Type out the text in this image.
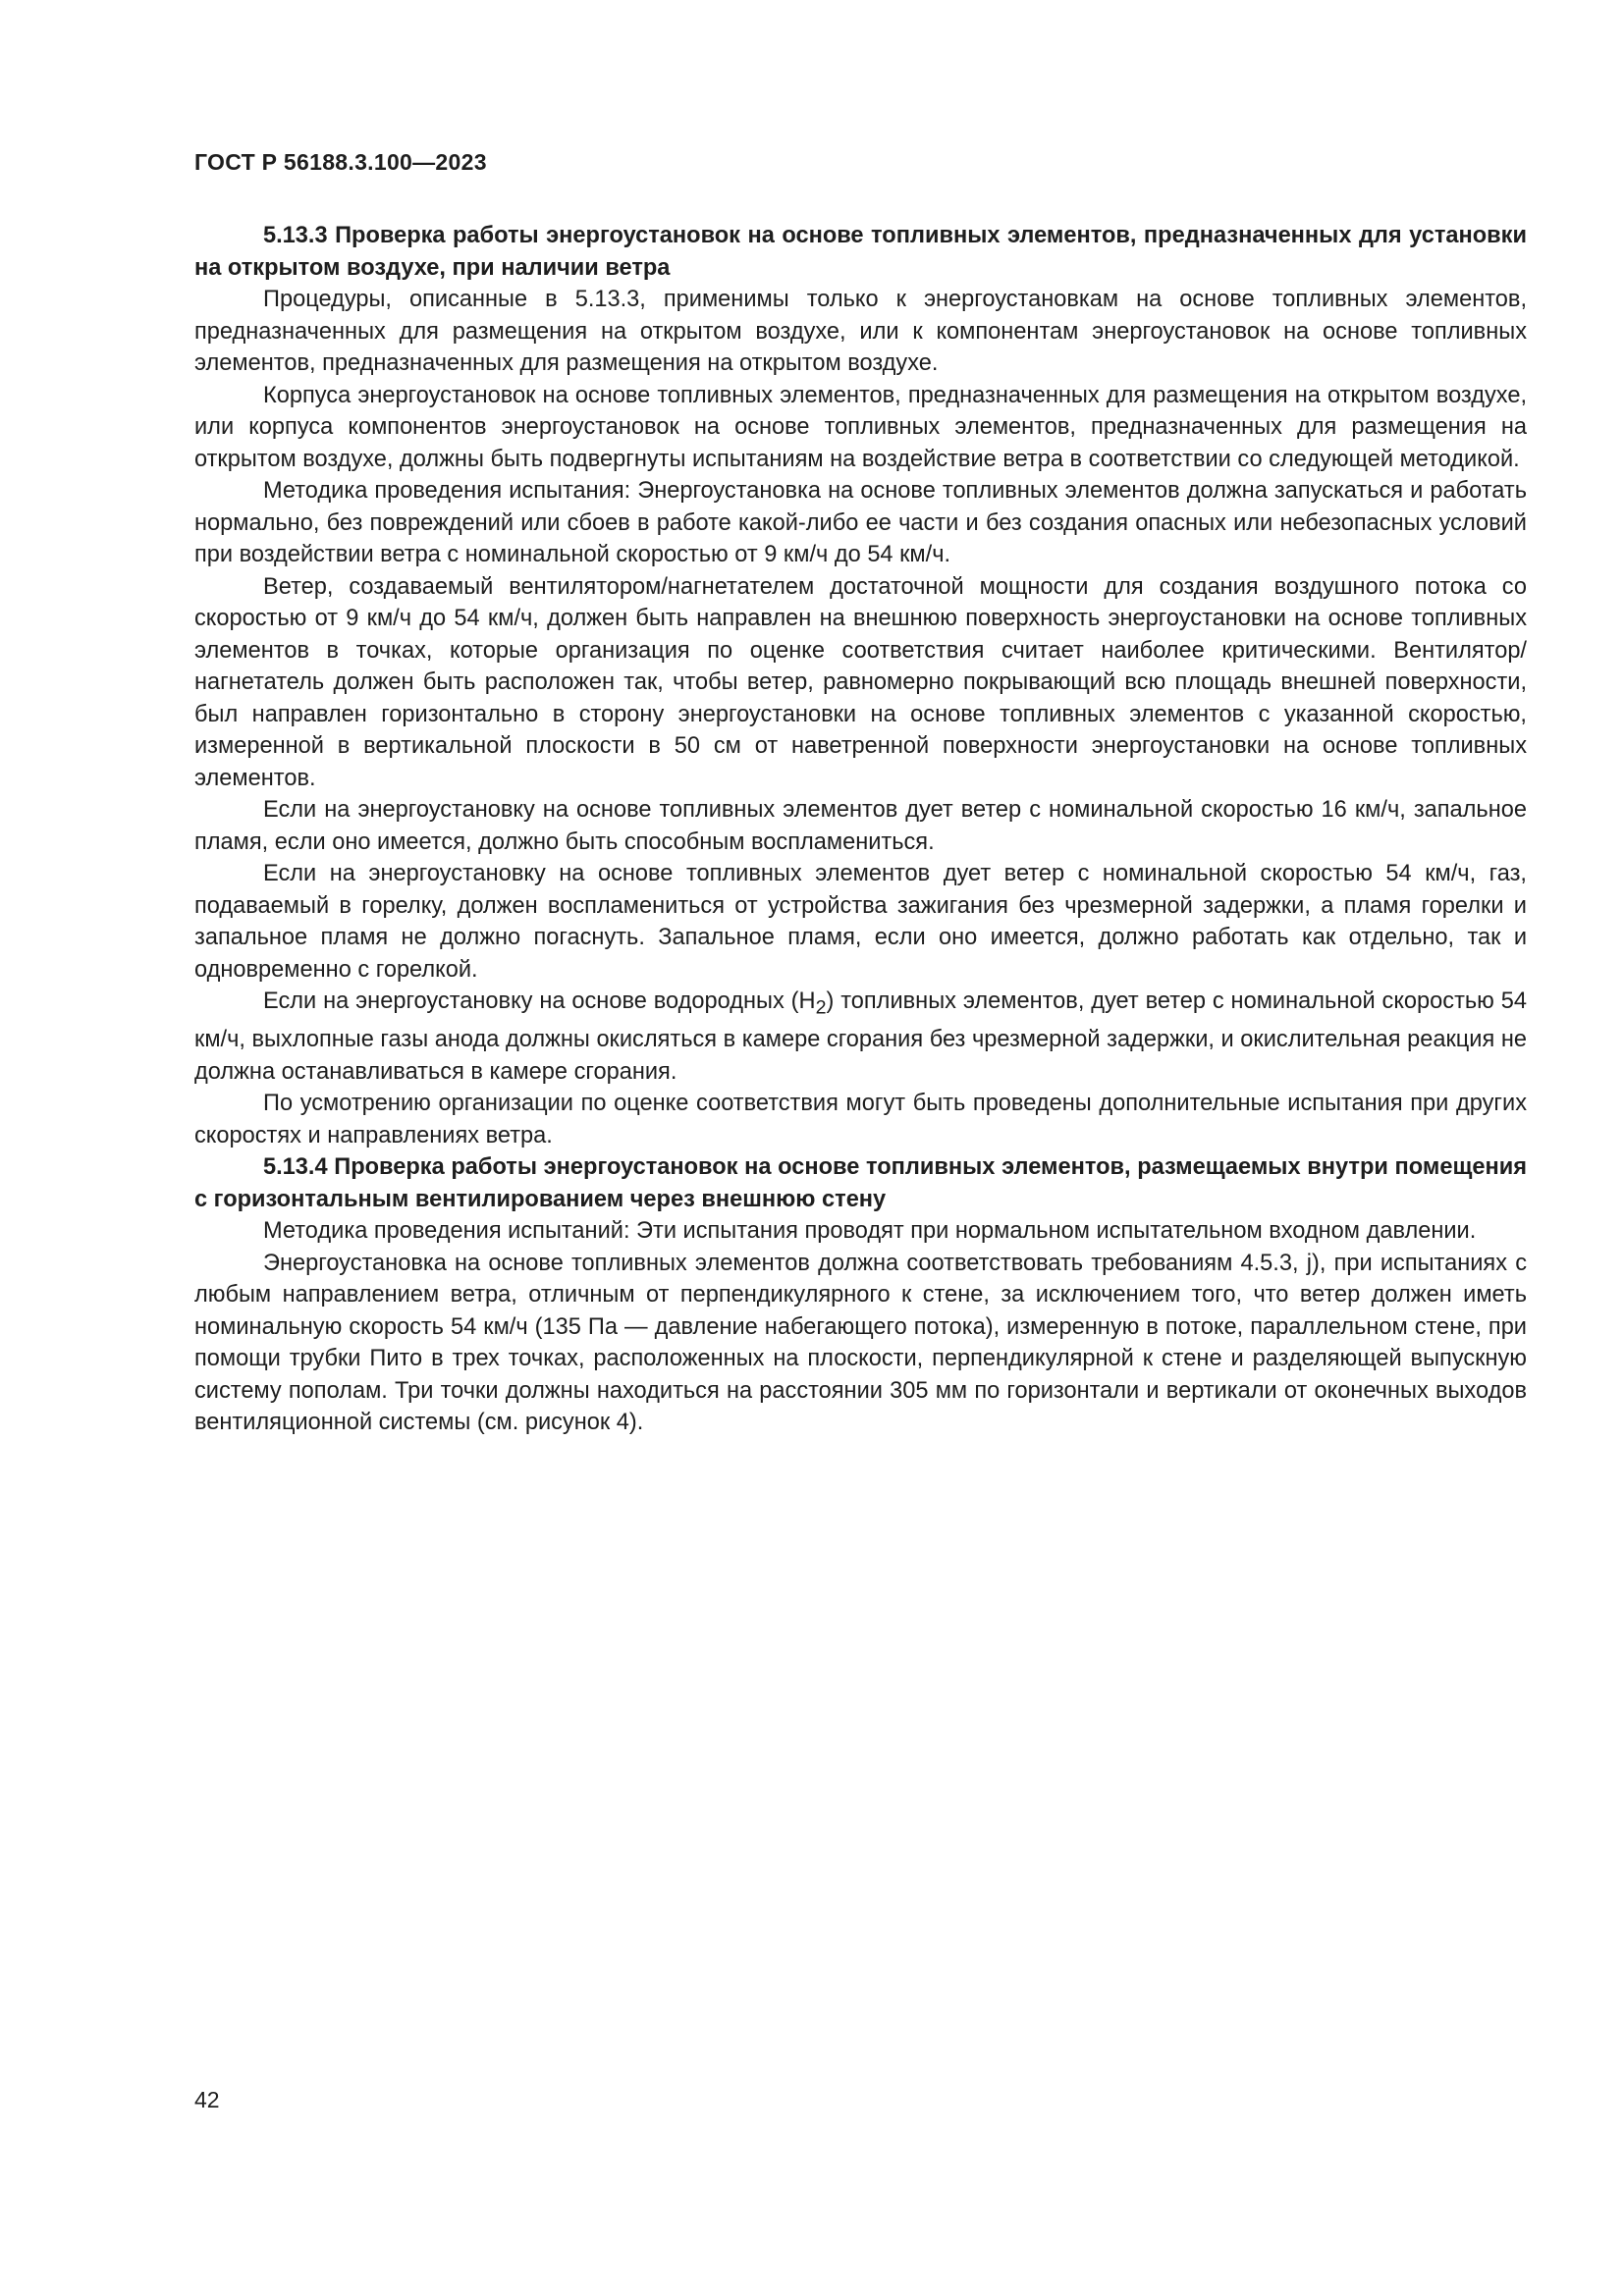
ГОСТ Р 56188.3.100—2023

5.13.3 Проверка работы энергоустановок на основе топливных элементов, предназначенных для установки на открытом воздухе, при наличии ветра

Процедуры, описанные в 5.13.3, применимы только к энергоустановкам на основе топливных элементов, предназначенных для размещения на открытом воздухе, или к компонентам энергоустановок на основе топливных элементов, предназначенных для размещения на открытом воздухе.

Корпуса энергоустановок на основе топливных элементов, предназначенных для размещения на открытом воздухе, или корпуса компонентов энергоустановок на основе топливных элементов, предназначенных для размещения на открытом воздухе, должны быть подвергнуты испытаниям на воздействие ветра в соответствии со следующей методикой.

Методика проведения испытания: Энергоустановка на основе топливных элементов должна запускаться и работать нормально, без повреждений или сбоев в работе какой-либо ее части и без создания опасных или небезопасных условий при воздействии ветра с номинальной скоростью от 9 км/ч до 54 км/ч.

Ветер, создаваемый вентилятором/нагнетателем достаточной мощности для создания воздушного потока со скоростью от 9 км/ч до 54 км/ч, должен быть направлен на внешнюю поверхность энергоустановки на основе топливных элементов в точках, которые организация по оценке соответствия считает наиболее критическими. Вентилятор/нагнетатель должен быть расположен так, чтобы ветер, равномерно покрывающий всю площадь внешней поверхности, был направлен горизонтально в сторону энергоустановки на основе топливных элементов с указанной скоростью, измеренной в вертикальной плоскости в 50 см от наветренной поверхности энергоустановки на основе топливных элементов.

Если на энергоустановку на основе топливных элементов дует ветер с номинальной скоростью 16 км/ч, запальное пламя, если оно имеется, должно быть способным воспламениться.

Если на энергоустановку на основе топливных элементов дует ветер с номинальной скоростью 54 км/ч, газ, подаваемый в горелку, должен воспламениться от устройства зажигания без чрезмерной задержки, а пламя горелки и запальное пламя не должно погаснуть. Запальное пламя, если оно имеется, должно работать как отдельно, так и одновременно с горелкой.

Если на энергоустановку на основе водородных $(H_2)$ топливных элементов, дует ветер с номинальной скоростью 54 км/ч, выхлопные газы анода должны окисляться в камере сгорания без чрезмерной задержки, и окислительная реакция не должна останавливаться в камере сгорания.

По усмотрению организации по оценке соответствия могут быть проведены дополнительные испытания при других скоростях и направлениях ветра.

5.13.4 Проверка работы энергоустановок на основе топливных элементов, размещаемых внутри помещения с горизонтальным вентилированием через внешнюю стену

Методика проведения испытаний: Эти испытания проводят при нормальном испытательном входном давлении.

Энергоустановка на основе топливных элементов должна соответствовать требованиям 4.5.3, j), при испытаниях с любым направлением ветра, отличным от перпендикулярного к стене, за исключением того, что ветер должен иметь номинальную скорость 54 км/ч (135 Па — давление набегающего потока), измеренную в потоке, параллельном стене, при помощи трубки Пито в трех точках, расположенных на плоскости, перпендикулярной к стене и разделяющей выпускную систему пополам. Три точки должны находиться на расстоянии 305 мм по горизонтали и вертикали от оконечных выходов вентиляционной системы (см. рисунок 4).

42
